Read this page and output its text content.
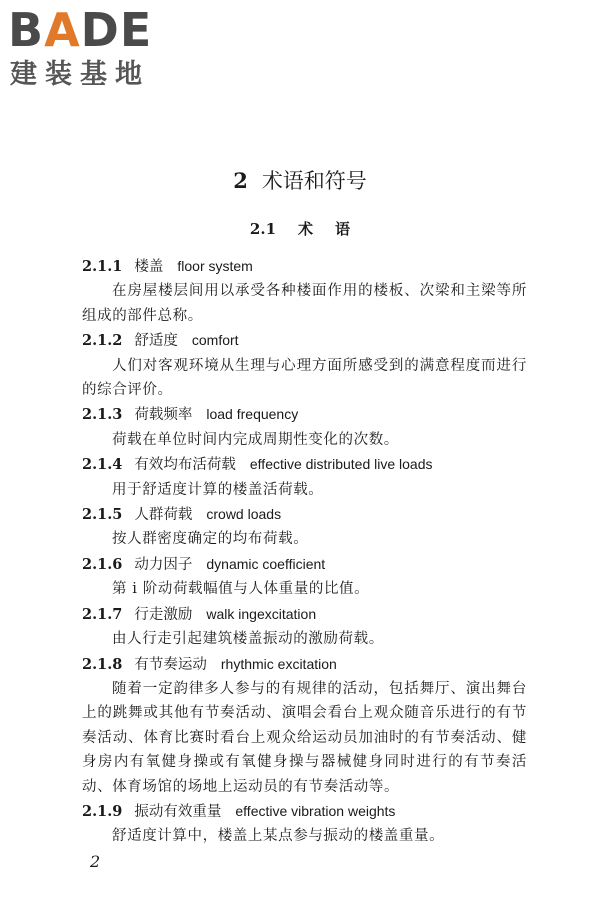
BADE
建装基地
2 术语和符号
2.1 术 语

2.1.1 楼盖 floor system

在房屋楼层间用以承受各种楼面作用的楼板、次梁和主梁等所组成的部件总称。

2.1.2 舒适度 comfort

人们对客观环境从生理与心理方面所感受到的满意程度而进行的综合评价。

2.1.3 荷载频率 load frequency

荷载在单位时间内完成周期性变化的次数。

2.1.4 有效均布活荷载 effective distributed live loads

用于舒适度计算的楼盖活荷载。

2.1.5 人群荷载 crowd loads

按人群密度确定的均布荷载。

2.1.6 动力因子 dynamic coefficient

第 i 阶动荷载幅值与人体重量的比值。

2.1.7 行走激励 walk ingexcitation

由人行走引起建筑楼盖振动的激励荷载。

2.1.8 有节奏运动 rhythmic excitation

随着一定韵律多人参与的有规律的活动，包括舞厅、演出舞台上的跳舞或其他有节奏活动、演唱会看台上观众随音乐进行的有节奏活动、体育比赛时看台上观众给运动员加油时的有节奏活动、健身房内有氧健身操或有氧健身操与器械健身同时进行的有节奏活动、体育场馆的场地上运动员的有节奏活动等。

2.1.9 振动有效重量 effective vibration weights

舒适度计算中，楼盖上某点参与振动的楼盖重量。

2
